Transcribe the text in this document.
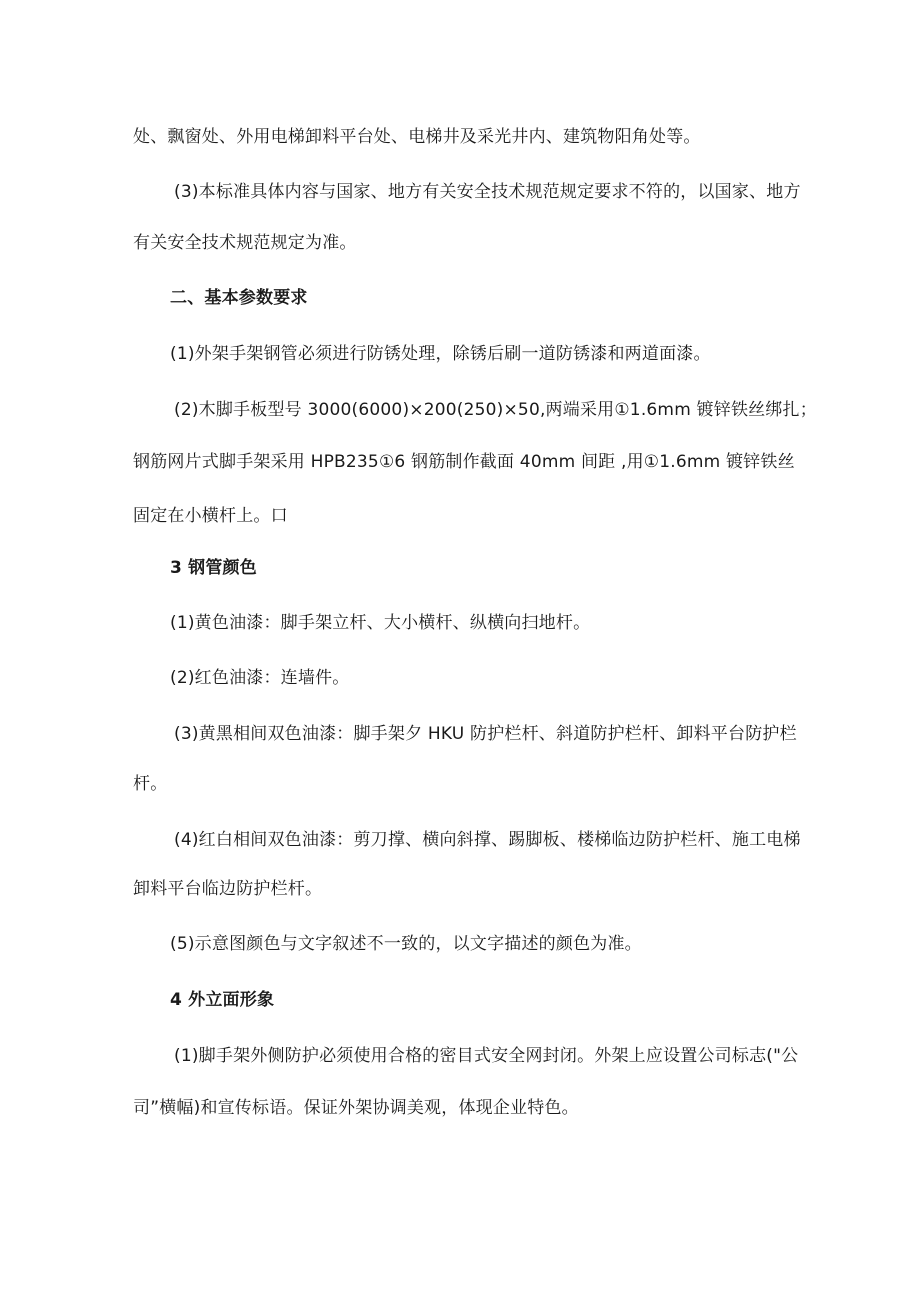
处、飘窗处、外用电梯卸料平台处、电梯井及采光井内、建筑物阳角处等。
(3)本标准具体内容与国家、地方有关安全技术规范规定要求不符的，以国家、地方
有关安全技术规范规定为准。
二、基本参数要求
(1)外架手架钢管必须进行防锈处理，除锈后刷一道防锈漆和两道面漆。
(2)木脚手板型号 3000(6000)×200(250)×50,两端采用①1.6mm 镀锌铁丝绑扎；
钢筋网片式脚手架采用 HPB235①6 钢筋制作截面 40mm 间距 ,用①1.6mm 镀锌铁丝
固定在小横杆上。口
3 钢管颜色
(1)黄色油漆：脚手架立杆、大小横杆、纵横向扫地杆。
(2)红色油漆：连墙件。
(3)黄黑相间双色油漆：脚手架夕 HKU 防护栏杆、斜道防护栏杆、卸料平台防护栏
杆。
(4)红白相间双色油漆：剪刀撑、横向斜撑、踢脚板、楼梯临边防护栏杆、施工电梯
卸料平台临边防护栏杆。
(5)示意图颜色与文字叙述不一致的，以文字描述的颜色为准。
4 外立面形象
(1)脚手架外侧防护必须使用合格的密目式安全网封闭。外架上应设置公司标志("公
司”横幅)和宣传标语。保证外架协调美观，体现企业特色。
